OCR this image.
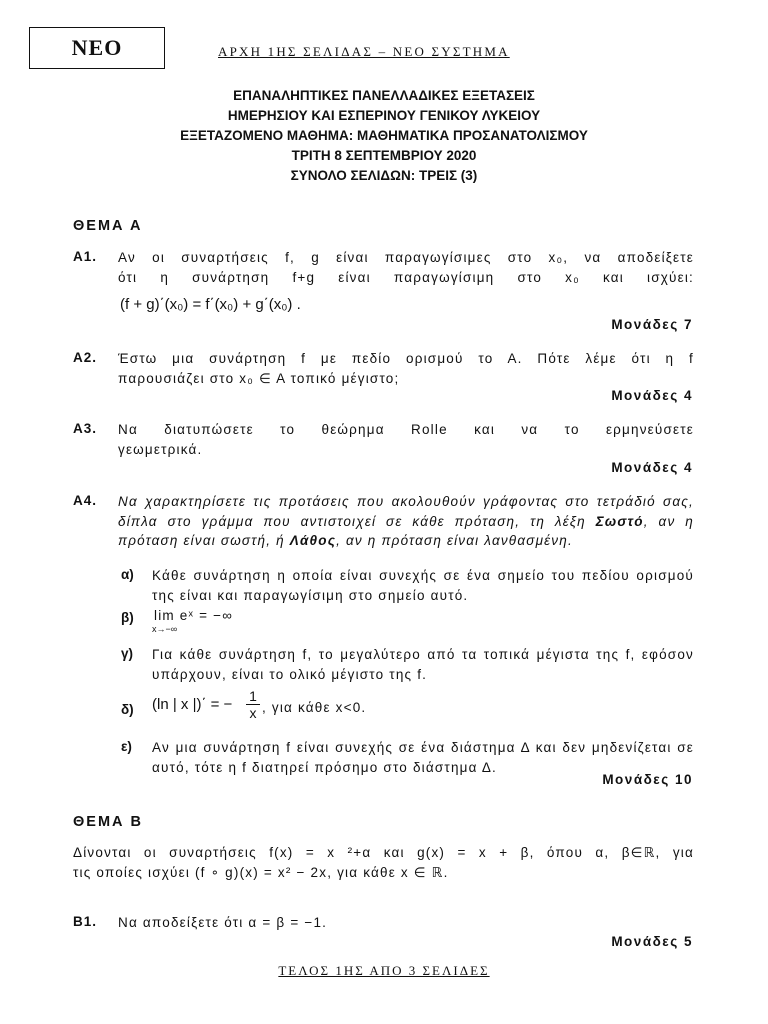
ΝΕΟ	ΑΡΧΗ 1ΗΣ ΣΕΛΙΔΑΣ – ΝΕΟ ΣΥΣΤΗΜΑ
ΕΠΑΝΑΛΗΠΤΙΚΕΣ ΠΑΝΕΛΛΑΔΙΚΕΣ ΕΞΕΤΑΣΕΙΣ
ΗΜΕΡΗΣΙΟΥ ΚΑΙ ΕΣΠΕΡΙΝΟΥ ΓΕΝΙΚΟΥ ΛΥΚΕΙΟΥ
ΕΞΕΤΑΖΟΜΕΝΟ ΜΑΘΗΜΑ: ΜΑΘΗΜΑΤΙΚΑ ΠΡΟΣΑΝΑΤΟΛΙΣΜΟΥ
ΤΡΙΤΗ 8 ΣΕΠΤΕΜΒΡΙΟΥ 2020
ΣΥΝΟΛΟ ΣΕΛΙΔΩΝ: ΤΡΕΙΣ (3)
ΘΕΜΑ Α
Α1. Αν οι συναρτήσεις f, g είναι παραγωγίσιμες στο x₀, να αποδείξετε
ότι η συνάρτηση f+g είναι παραγωγίσιμη στο x₀ και ισχύει:
(f + g)΄(x₀) = f΄(x₀) + g΄(x₀) .
Μονάδες 7
Α2. Έστω μια συνάρτηση f με πεδίο ορισμού το Α. Πότε λέμε ότι η f
παρουσιάζει στο x₀ ∈ A τοπικό μέγιστο;
Μονάδες 4
Α3. Να διατυπώσετε το θεώρημα Rolle και να το ερμηνεύσετε
γεωμετρικά.
Μονάδες 4
Α4. Να χαρακτηρίσετε τις προτάσεις που ακολουθούν γράφοντας στο τετράδιό σας, δίπλα στο γράμμα που αντιστοιχεί σε κάθε πρόταση, τη λέξη Σωστό, αν η πρόταση είναι σωστή, ή Λάθος, αν η πρόταση είναι λανθασμένη.
α) Κάθε συνάρτηση η οποία είναι συνεχής σε ένα σημείο του πεδίου ορισμού της είναι και παραγωγίσιμη στο σημείο αυτό.
β) lim eˣ = −∞
x→−∞
γ) Για κάθε συνάρτηση f, το μεγαλύτερο από τα τοπικά μέγιστα της f, εφόσον υπάρχουν, είναι το ολικό μέγιστο της f.
δ) (ln | x |)΄ = − $\frac{1}{x}$ , για κάθε x<0.
ε) Αν μια συνάρτηση f είναι συνεχής σε ένα διάστημα Δ και δεν μηδενίζεται σε αυτό, τότε η f διατηρεί πρόσημο στο διάστημα Δ.
Μονάδες 10
ΘΕΜΑ Β
Δίνονται οι συναρτήσεις f(x) = x ²+α και g(x) = x + β, όπου α, β∈ℝ, για
τις οποίες ισχύει (f ∘ g)(x) = x² − 2x, για κάθε x ∈ ℝ.
Β1. Να αποδείξετε ότι α = β = −1.
Μονάδες 5
ΤΕΛΟΣ 1ΗΣ ΑΠΟ 3 ΣΕΛΙΔΕΣ
